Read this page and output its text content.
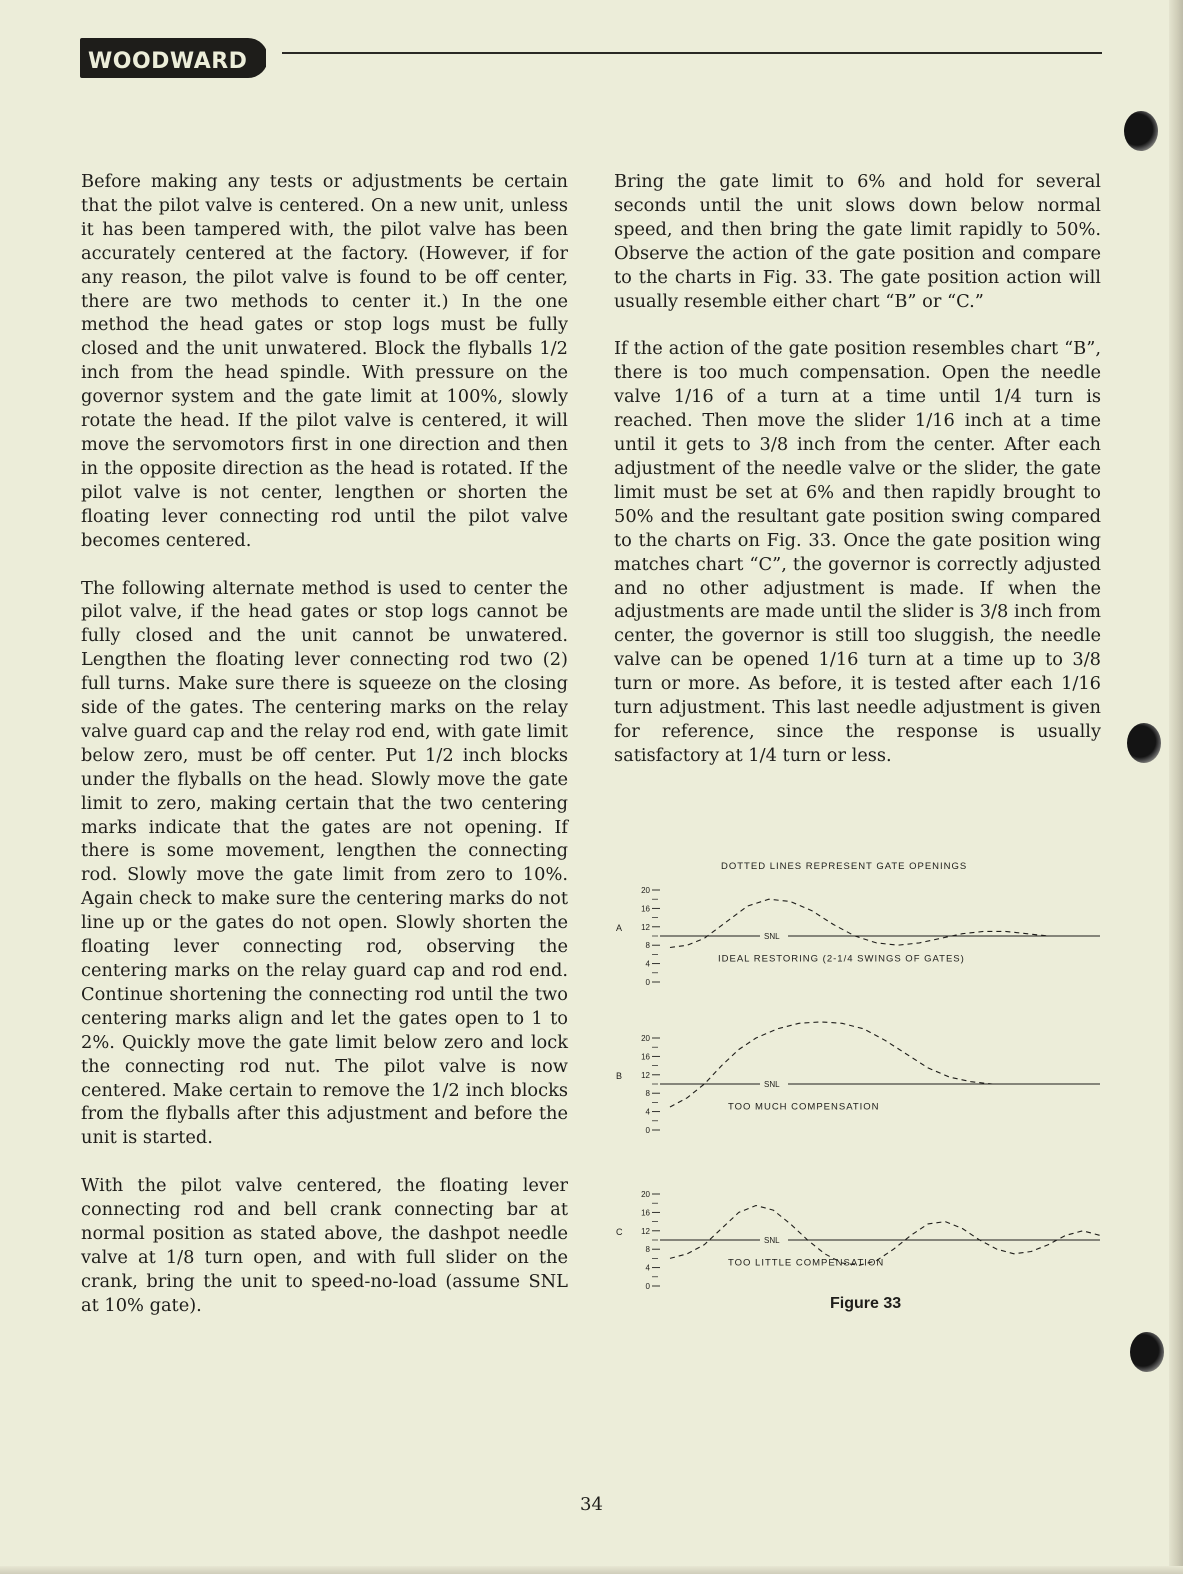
WOODWARD

Before making any tests or adjustments be certain that the pilot valve is centered. On a new unit, unless it has been tampered with, the pilot valve has been accurately centered at the factory. (However, if for any reason, the pilot valve is found to be off center, there are two methods to center it.) In the one method the head gates or stop logs must be fully closed and the unit unwatered. Block the flyballs 1/2 inch from the head spindle. With pressure on the governor system and the gate limit at 100%, slowly rotate the head. If the pilot valve is centered, it will move the servomotors first in one direction and then in the opposite direction as the head is rotated. If the pilot valve is not center, lengthen or shorten the floating lever connecting rod until the pilot valve becomes centered.

The following alternate method is used to center the pilot valve, if the head gates or stop logs cannot be fully closed and the unit cannot be unwatered. Lengthen the floating lever connecting rod two (2) full turns. Make sure there is squeeze on the closing side of the gates. The centering marks on the relay valve guard cap and the relay rod end, with gate limit below zero, must be off center. Put 1/2 inch blocks under the flyballs on the head. Slowly move the gate limit to zero, making certain that the two centering marks indicate that the gates are not opening. If there is some movement, lengthen the connecting rod. Slowly move the gate limit from zero to 10%. Again check to make sure the centering marks do not line up or the gates do not open. Slowly shorten the floating lever connecting rod, observing the centering marks on the relay guard cap and rod end. Continue shortening the connecting rod until the two centering marks align and let the gates open to 1 to 2%. Quickly move the gate limit below zero and lock the connecting rod nut. The pilot valve is now centered. Make certain to remove the 1/2 inch blocks from the flyballs after this adjustment and before the unit is started.

With the pilot valve centered, the floating lever connecting rod and bell crank connecting bar at normal position as stated above, the dashpot needle valve at 1/8 turn open, and with full slider on the crank, bring the unit to speed-no-load (assume SNL at 10% gate).

Bring the gate limit to 6% and hold for several seconds until the unit slows down below normal speed, and then bring the gate limit rapidly to 50%. Observe the action of the gate position and compare to the charts in Fig. 33. The gate position action will usually resemble either chart “B” or “C.”

If the action of the gate position resembles chart “B”, there is too much compensation. Open the needle valve 1/16 of a turn at a time until 1/4 turn is reached. Then move the slider 1/16 inch at a time until it gets to 3/8 inch from the center. After each adjustment of the needle valve or the slider, the gate limit must be set at 6% and then rapidly brought to 50% and the resultant gate position swing compared to the charts on Fig. 33. Once the gate position wing matches chart “C”, the governor is correctly adjusted and no other adjustment is made. If when the adjustments are made until the slider is 3/8 inch from center, the governor is still too sluggish, the needle valve can be opened 1/16 turn at a time up to 3/8 turn or more. As before, it is tested after each 1/16 turn adjustment. This last needle adjustment is given for reference, since the response is usually satisfactory at 1/4 turn or less.

DOTTED LINES REPRESENT GATE OPENINGS
A
20
16
12
8
4
0
SNL
IDEAL RESTORING (2-1/4 SWINGS OF GATES)
B
20
16
12
8
4
0
SNL
TOO MUCH COMPENSATION
C
20
16
12
8
4
0
SNL
TOO LITTLE COMPENSATION
Figure 33
34
